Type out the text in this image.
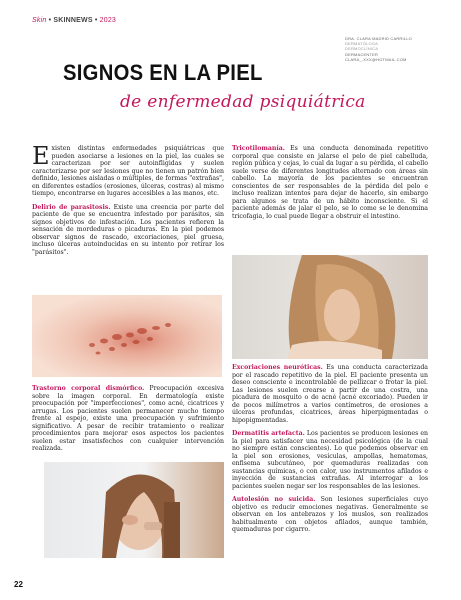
Skin • SKINNEWS • 2023
DRA. CLARA MADRID CARRILLO
DERMATÓLOGA
DERMOCLÍNICA
DERMACENTER
CLARA_-XXX@HOTMAIL.COM
SIGNOS EN LA PIEL
de enfermedad psiquiátrica

Existen distintas enfermedades psiquiátricas que pueden asociarse a lesiones en la piel, las cuales se caracterizan por ser autoinfligidas y suelen caracterizarse por ser lesiones que no tienen un patrón bien definido, lesiones aisladas o múltiples, de formas "extrañas", en diferentes estadíos (erosiones, úlceras, costras) al mismo tiempo, encontrarse en lugares accesibles a las manos, etc.

Delirio de parasitosis. Existe una creencia por parte del paciente de que se encuentra infestado por parásitos, sin signos objetivos de infestación. Los pacientes refieren la sensación de mordeduras o picaduras. En la piel podemos observar signos de rascado, excoriaciones, piel gruesa, incluso úlceras autoinducidas en su intento por retirar los "parásitos".

Trastorno corporal dismórfico. Preocupación excesiva sobre la imagen corporal. En dermatología existe preocupación por "imperfecciones", como acné, cicatrices y arrugas. Los pacientes suelen permanecer mucho tiempo frente al espejo, existe una preocupación y sufrimiento significativo. A pesar de recibir tratamiento o realizar procedimientos para mejorar esos aspectos los pacientes suelen estar insatisfechos con cualquier intervención realizada.

Tricotilomanía. Es una conducta denominada repetitivo corporal que consiste en jalarse el pelo de piel cabelluda, región púbica y cejas, lo cual da lugar a su pérdida, el cabello suele verse de diferentes longitudes alternado con áreas sin cabello. La mayoría de los pacientes se encuentran conscientes de ser responsables de la pérdida del pelo e incluso realizan intentos para dejar de hacerlo, sin embargo para algunos se trata de un hábito inconsciente. Si el paciente además de jalar el pelo, se lo come se le denomina tricofagia, lo cual puede llegar a obstruir el intestino.

Excoriaciones neuróticas. Es una conducta caracterizada por el rascado repetitivo de la piel. El paciente presenta un deseo consciente e incontrolable de pellizcar o frotar la piel. Las lesiones suelen crearse a partir de una costra, una picadura de mosquito o de acné (acné excoriado). Pueden ir de pocos milímetros a varios centímetros, de erosiones a úlceras profundas, cicatrices, áreas hiperpigmentadas o hipopigmentadas.

Dermatitis artefacta. Los pacientes se producen lesiones en la piel para satisfacer una necesidad psicológica (de la cual no siempre están conscientes). Lo que podemos observar en la piel son erosiones, vesículas, ampollas, hematomas, enfisema subcutáneo, por quemaduras realizadas con sustancias químicas, o con calor, uso instrumentos afilados e inyección de sustancias extrañas. Al interrogar a los pacientes suelen negar ser los responsables de las lesiones.

Autolesión no suicida. Son lesiones superficiales cuyo objetivo es reducir emociones negativas. Generalmente se observan en los antebrazos y los muslos, son realizados habitualmente con objetos afilados, aunque también, quemaduras por cigarro.

22
